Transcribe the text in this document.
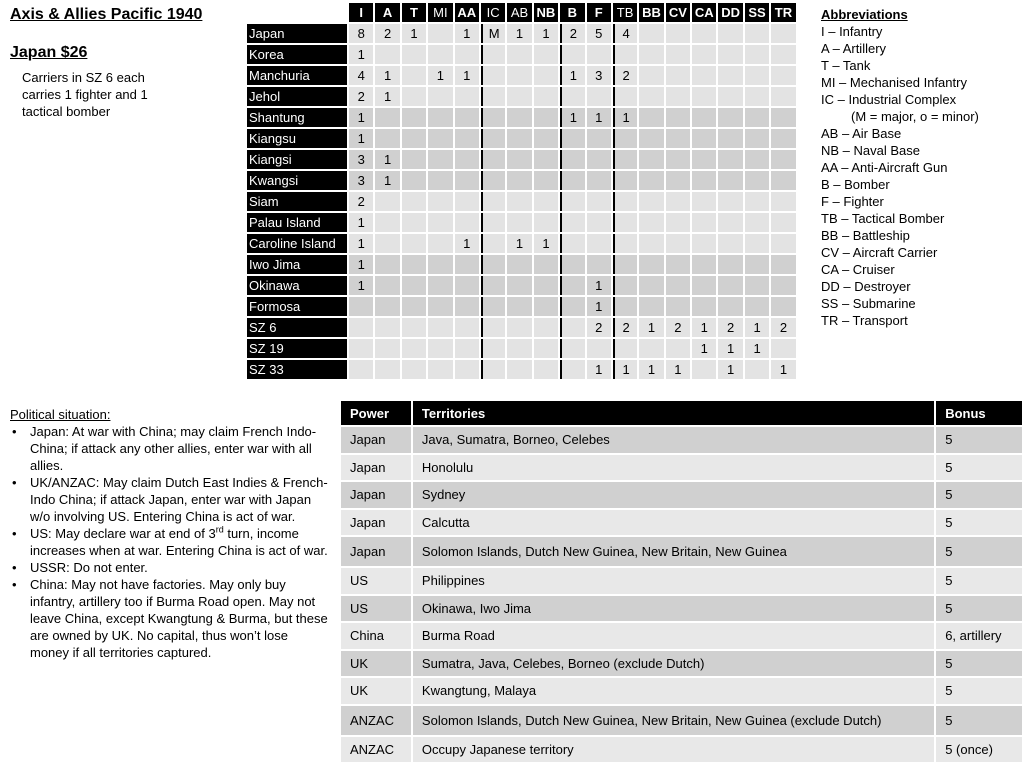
Axis & Allies Pacific 1940
Japan $26
Carriers in SZ 6 each carries 1 fighter and 1 tactical bomber
	I	A	T	MI	AA	IC	AB	NB	B	F	TB	BB	CV	CA	DD	SS	TR
Japan	8	2	1		1	M	1	1	2	5	4						
Korea	1																
Manchuria	4	1		1	1				1	3	2						
Jehol	2	1															
Shantung	1								1	1	1						
Kiangsu	1																
Kiangsi	3	1															
Kwangsi	3	1															
Siam	2																
Palau Island	1																
Caroline Island	1				1		1	1									
Iwo Jima	1																
Okinawa	1									1							
Formosa										1							
SZ 6										2	2	1	2	1	2	1	2
SZ 19														1	1	1	
SZ 33										1	1	1	1		1		1
Abbreviations
I – Infantry
A – Artillery
T – Tank
MI – Mechanised Infantry
IC – Industrial Complex
(M = major, o = minor)
AB – Air Base
NB – Naval Base
AA – Anti-Aircraft Gun
B – Bomber
F – Fighter
TB – Tactical Bomber
BB – Battleship
CV – Aircraft Carrier
CA – Cruiser
DD – Destroyer
SS – Submarine
TR – Transport
Political situation:
• Japan: At war with China; may claim French Indo-China; if attack any other allies, enter war with all allies.
• UK/ANZAC: May claim Dutch East Indies & French-Indo China; if attack Japan, enter war with Japan w/o involving US. Entering China is act of war.
• US: May declare war at end of 3rd turn, income increases when at war. Entering China is act of war.
• USSR: Do not enter.
• China: May not have factories. May only buy infantry, artillery too if Burma Road open. May not leave China, except Kwangtung & Burma, but these are owned by UK. No capital, thus won’t lose money if all territories captured.
Power	Territories	Bonus
Japan	Java, Sumatra, Borneo, Celebes	5
Japan	Honolulu	5
Japan	Sydney	5
Japan	Calcutta	5
Japan	Solomon Islands, Dutch New Guinea, New Britain, New Guinea	5
US	Philippines	5
US	Okinawa, Iwo Jima	5
China	Burma Road	6, artillery
UK	Sumatra, Java, Celebes, Borneo (exclude Dutch)	5
UK	Kwangtung, Malaya	5
ANZAC	Solomon Islands, Dutch New Guinea, New Britain, New Guinea (exclude Dutch)	5
ANZAC	Occupy Japanese territory	5 (once)
